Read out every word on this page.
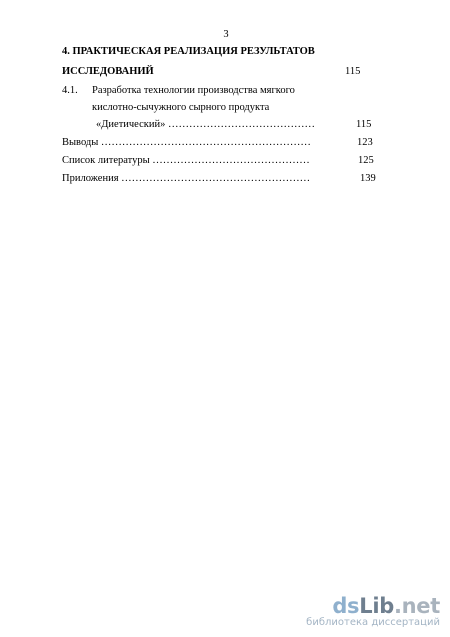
3
4. ПРАКТИЧЕСКАЯ РЕАЛИЗАЦИЯ РЕЗУЛЬТАТОВ
ИССЛЕДОВАНИЙ	115
4.1. Разработка технологии производства мягкого
кислотно-сычужного сырного продукта
«Диетический» ……………………………………	115
Выводы ……………………………………………………	123
Список литературы ………………………………………	125
Приложения ………………………………………………	139
dsLib.net
библиотека диссертаций
